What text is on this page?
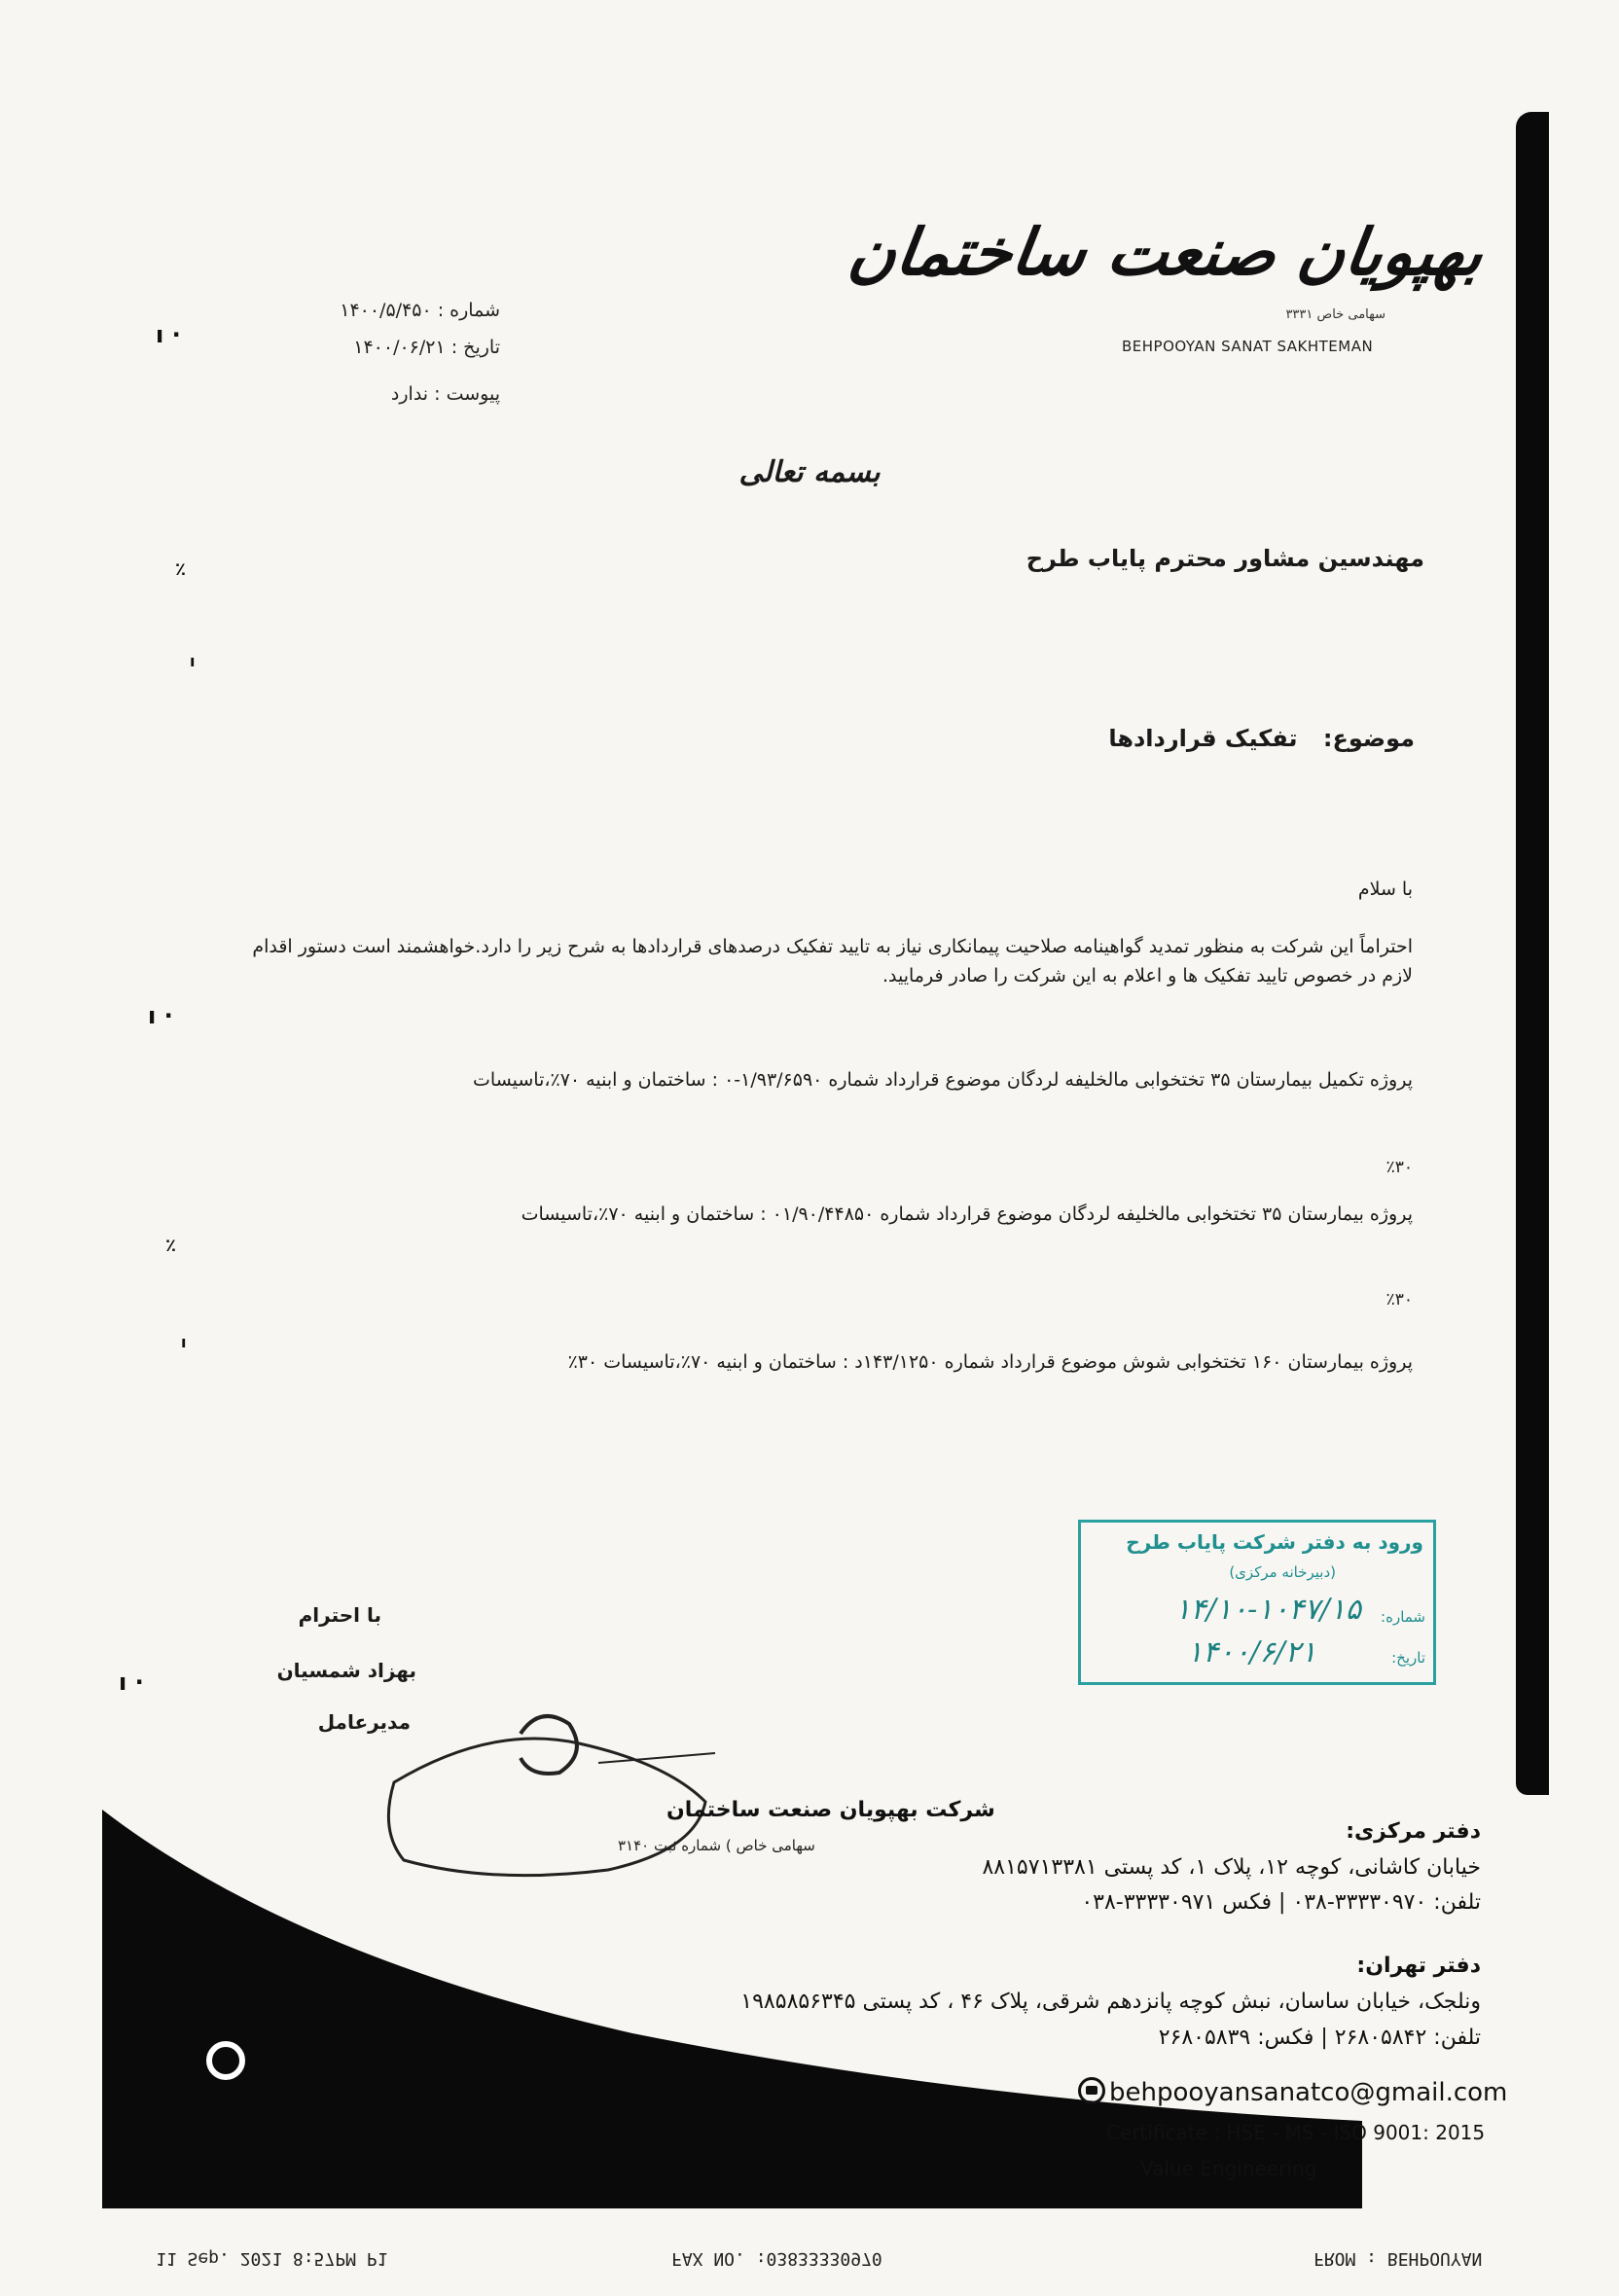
بهپویان صنعت ساختمان
سهامی خاص ۳۳۳۱
BEHPOOYAN SANAT SAKHTEMAN
شماره : ۱۴۰۰/۵/۴۵۰
تاریخ : ۱۴۰۰/۰۶/۲۱
پیوست : ندارد
بسمه تعالی
مهندسین مشاور محترم پایاب طرح
موضوع: تفکیک قراردادها
با سلام
احتراماً این شرکت به منظور تمدید گواهینامه صلاحیت پیمانکاری نیاز به تایید تفکیک درصدهای قراردادها به شرح زیر را دارد.خواهشمند است دستور اقدام لازم در خصوص تایید تفکیک ها و اعلام به این شرکت را صادر فرمایید.
پروژه تکمیل بیمارستان ۳۵ تختخوابی مالخلیفه لردگان موضوع قرارداد شماره ۱/۹۳/۶۵۹۰-۰ : ساختمان و ابنیه ۷۰٪،تاسیسات
٪۳۰
پروژه بیمارستان ۳۵ تختخوابی مالخلیفه لردگان موضوع قرارداد شماره ۰۱/۹۰/۴۴۸۵۰ : ساختمان و ابنیه ۷۰٪،تاسیسات
٪۳۰
پروژه بیمارستان ۱۶۰ تختخوابی شوش موضوع قرارداد شماره ۱۴۳/۱۲۵۰د : ساختمان و ابنیه ۷۰٪،تاسیسات ۳۰٪
ı ·
٪
ı
ı ·
٪
ı
ı ·
ورود به دفتر شرکت پایاب طرح
(دبیرخانه مرکزی)
شماره:
۱۴/۱۰-۱۰۴۷/۱۵
تاریخ:
۱۴۰۰/۶/۲۱
با احترام
بهزاد شمسیان
مدیرعامل
شرکت بهپویان صنعت ساختمان
سهامی خاص ) شماره ثبت ۳۱۴۰
دفتر مرکزی:
خیابان کاشانی، کوچه ۱۲، پلاک ۱، کد پستی ۸۸۱۵۷۱۳۳۸۱
تلفن: ۳۳۳۳۰۹۷۰-۰۳۸ | فکس ۳۳۳۳۰۹۷۱-۰۳۸
دفتر تهران:
ونلجک، خیابان ساسان، نبش کوچه پانزدهم شرقی، پلاک ۴۶ ، کد پستی ۱۹۸۵۸۵۶۳۴۵
تلفن: ۲۶۸۰۵۸۴۲ | فکس: ۲۶۸۰۵۸۳۹
behpooyansanatco@gmail.com
Certificate : HSE - MS - ISO 9001: 2015
Value Engineering
FROM : BEHPOUYAN
FAX NO. :03833330970
11 Sep. 2021 8:57PM P1
